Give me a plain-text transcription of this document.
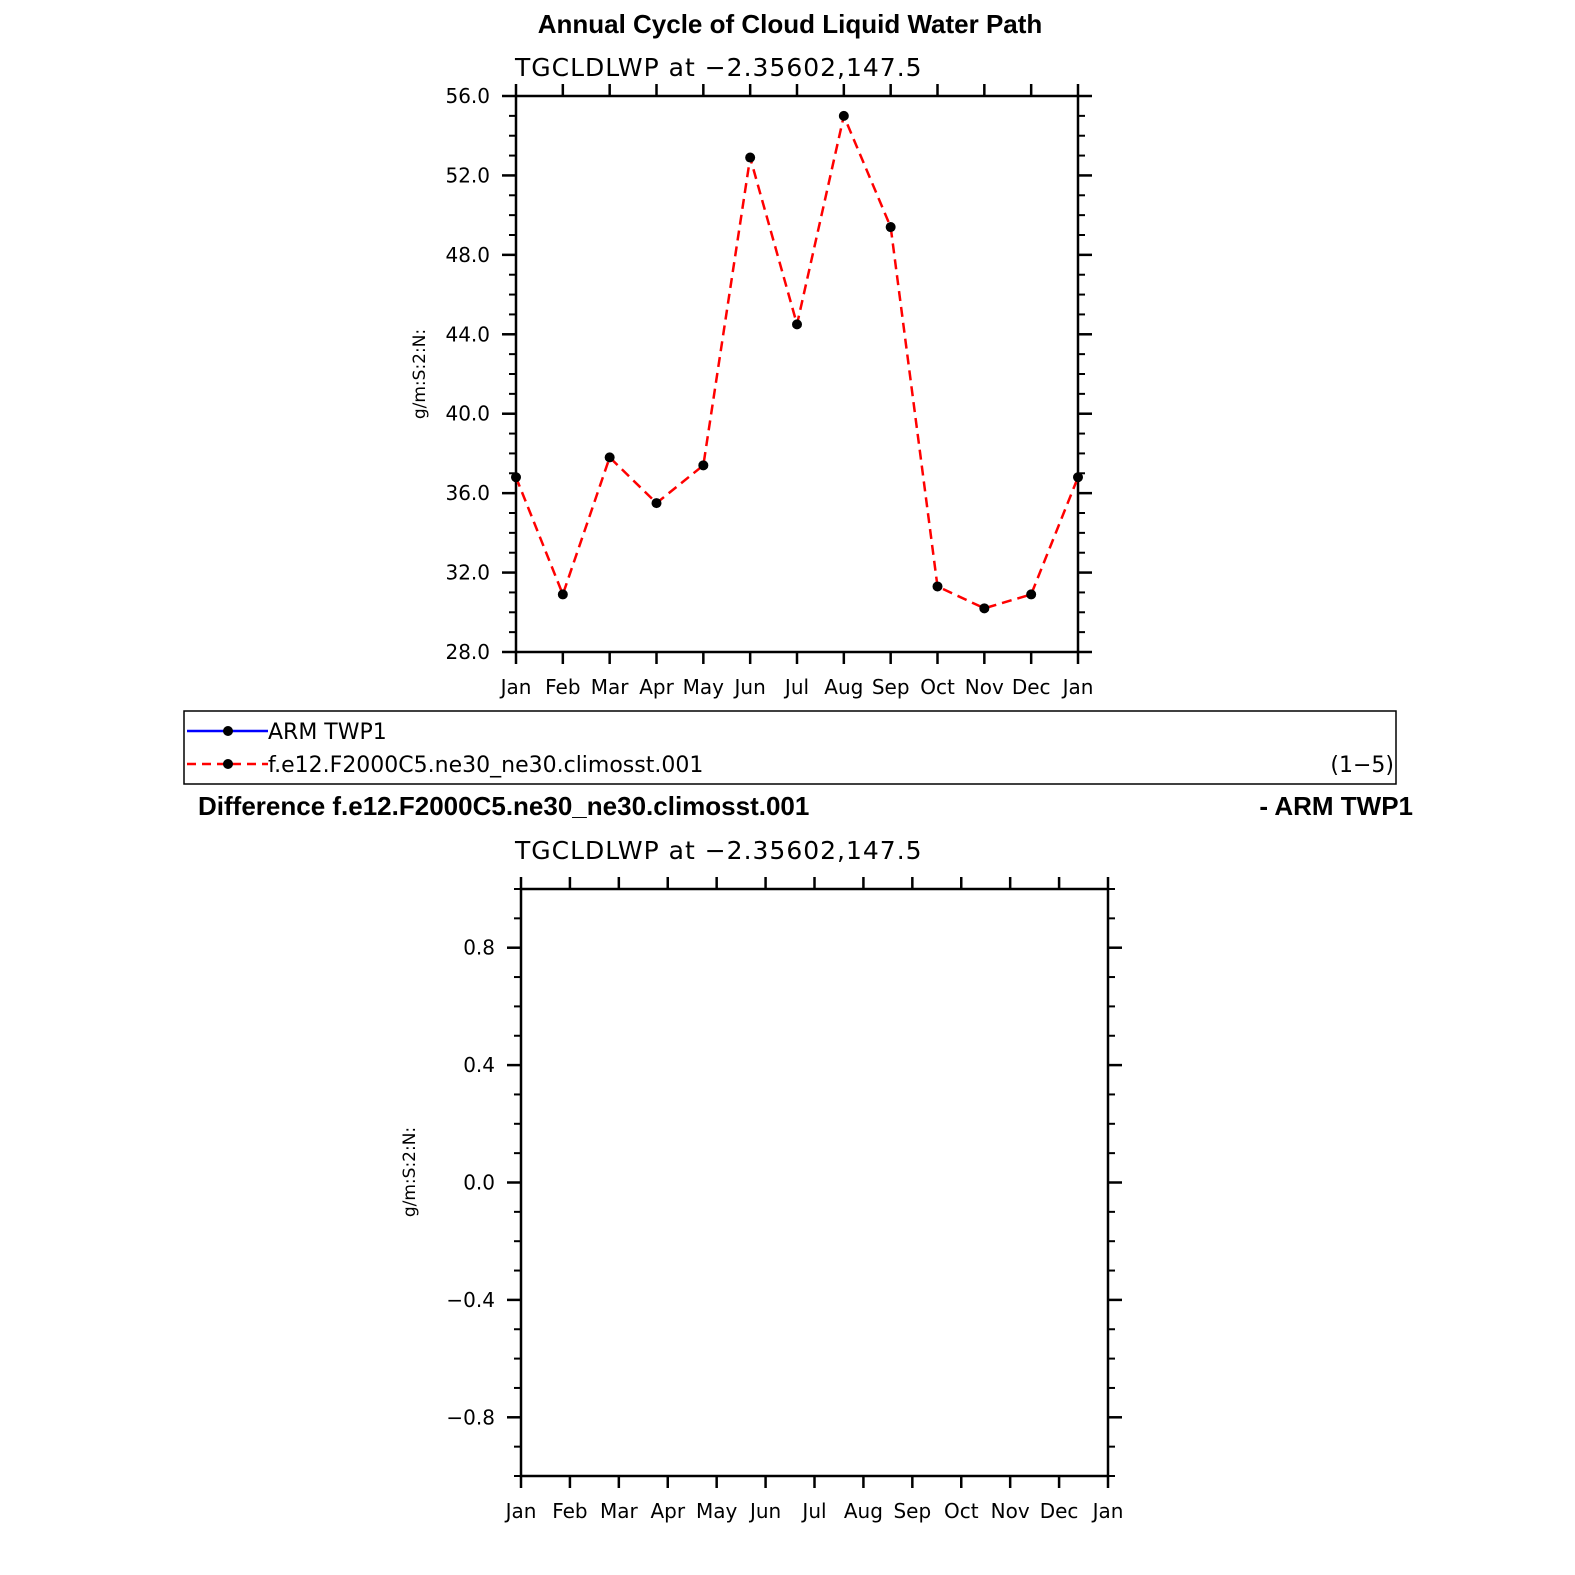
Annual Cycle of Cloud Liquid Water Path
TGCLDLWP at −2.35602,147.5
Jan Feb Mar Apr May Jun Jul Aug Sep Oct Nov Dec Jan
28.0
32.0
36.0
40.0
44.0
48.0
52.0
56.0
g/m:S:2:N:
ARM TWP1
f.e12.F2000C5.ne30_ne30.climosst.001	(1−5)
Difference f.e12.F2000C5.ne30_ne30.climosst.001	- ARM TWP1
TGCLDLWP at −2.35602,147.5
Jan Feb Mar Apr May Jun Jul Aug Sep Oct Nov Dec Jan
−0.8
−0.4
0.0
0.4
0.8
g/m:S:2:N:
